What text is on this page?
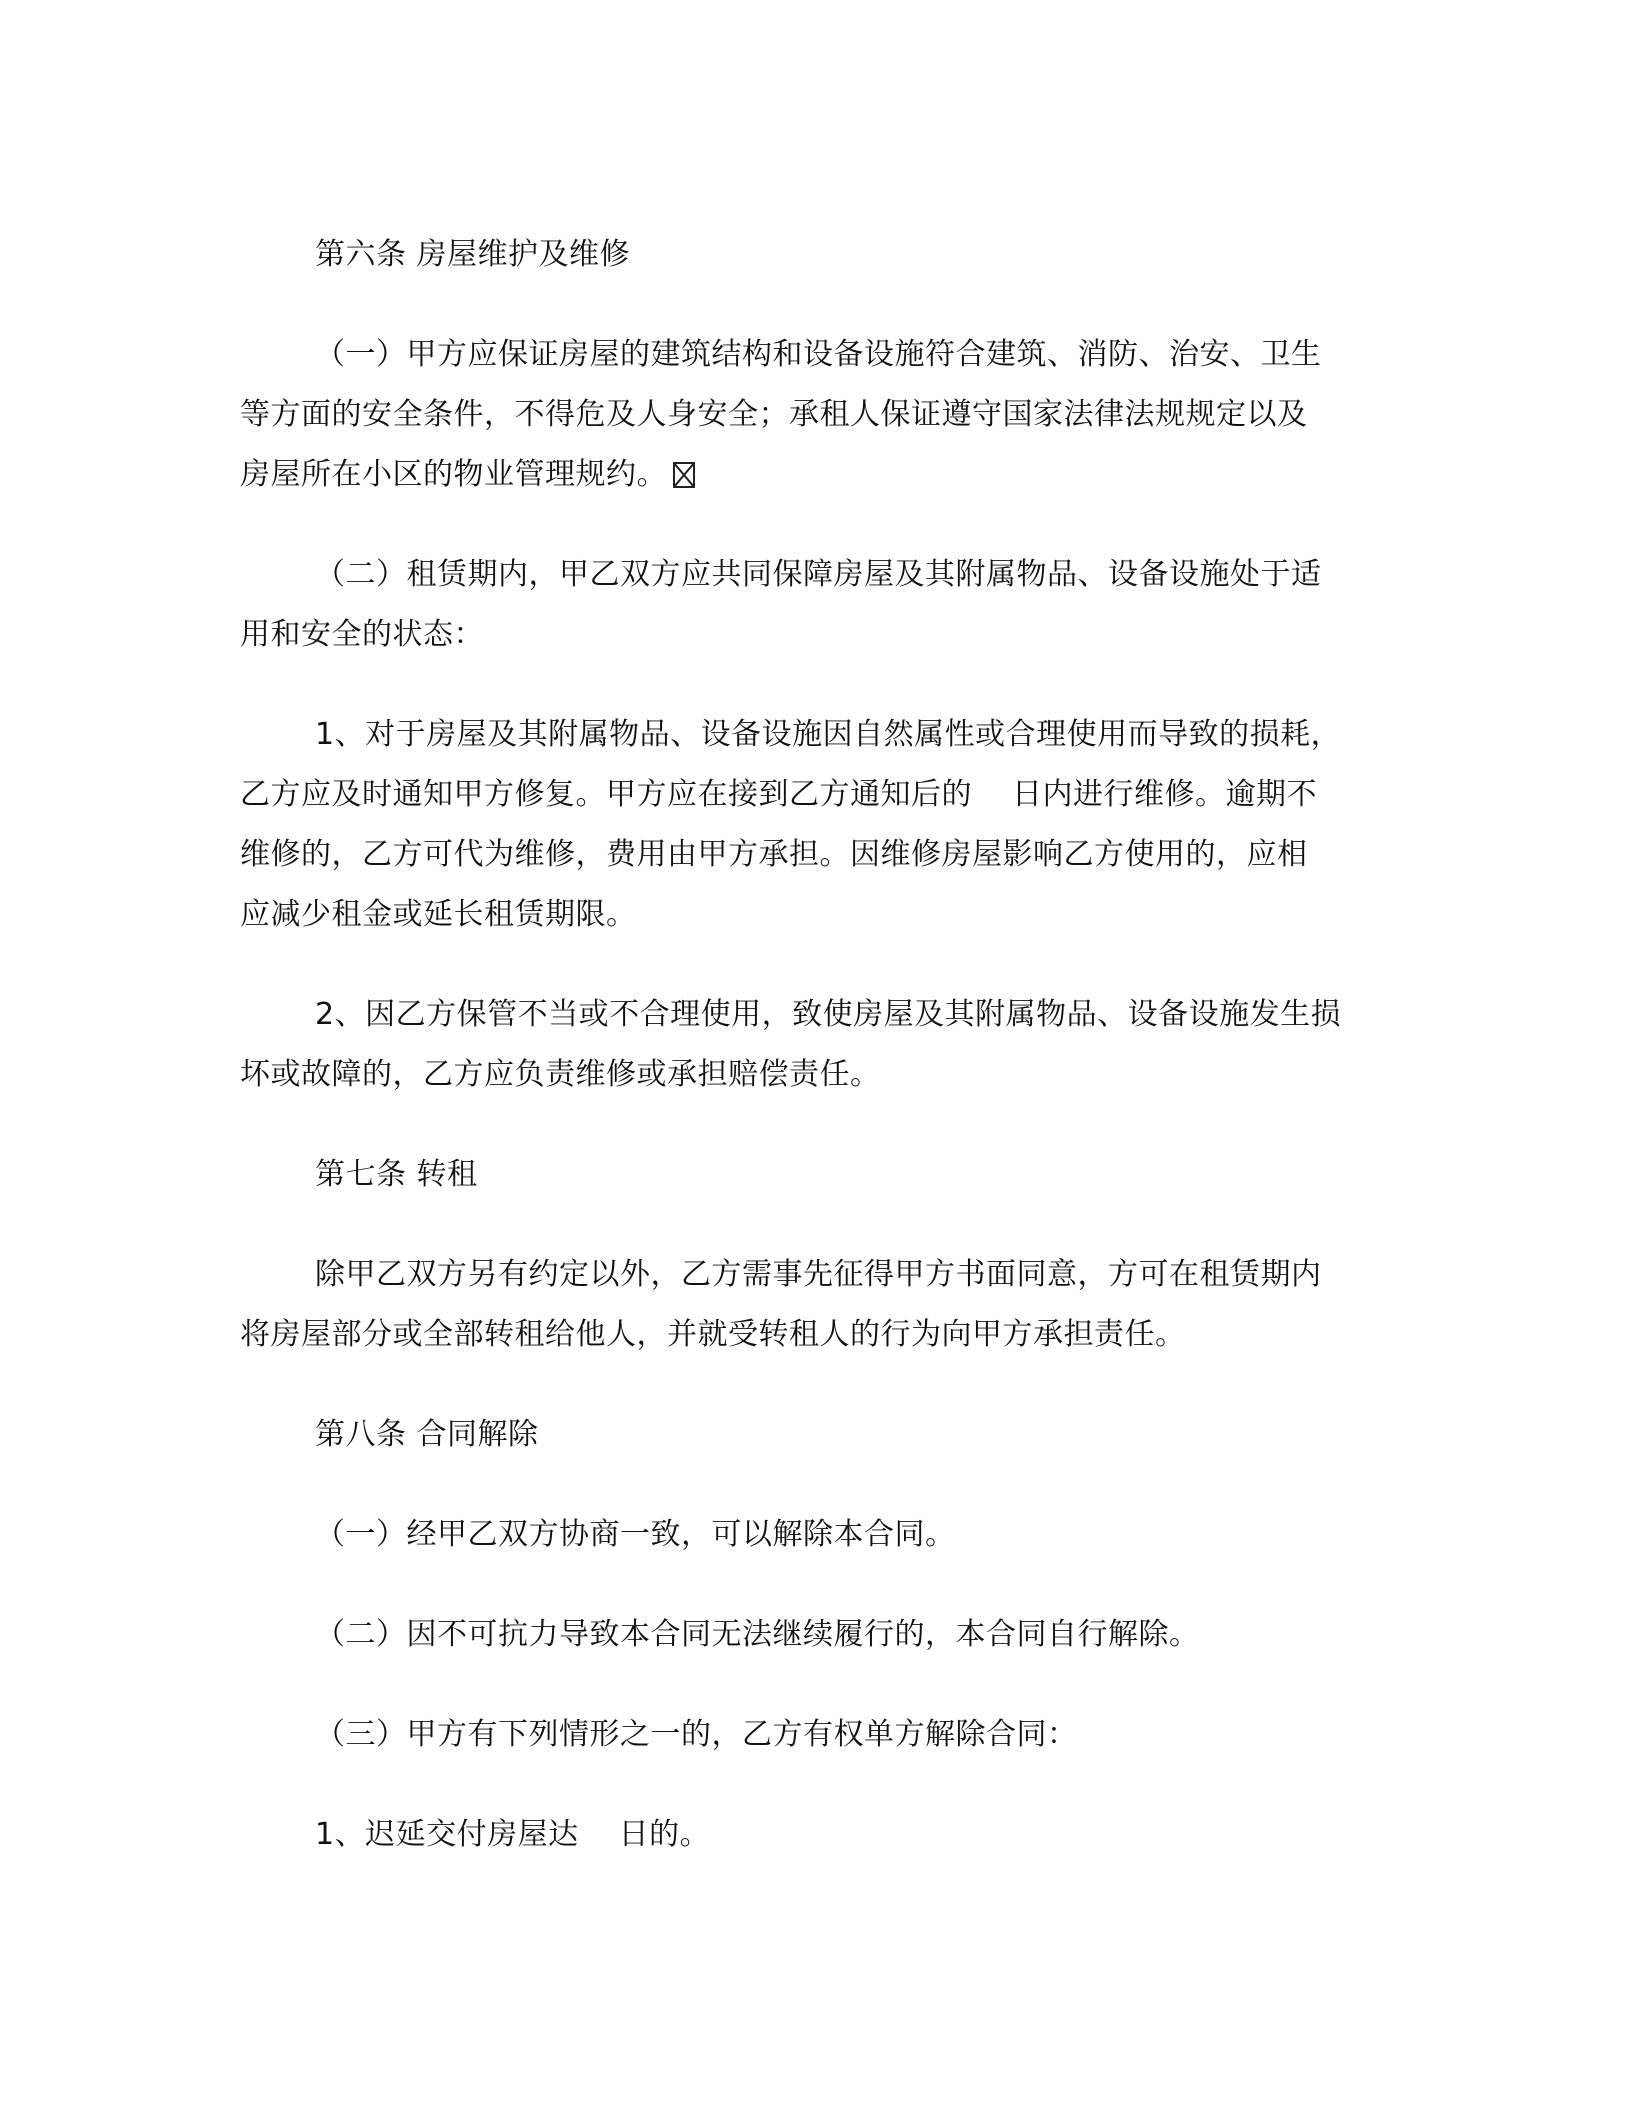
第六条 房屋维护及维修
（一）甲方应保证房屋的建筑结构和设备设施符合建筑、消防、治安、卫生
等方面的安全条件，不得危及人身安全；承租人保证遵守国家法律法规规定以及
房屋所在小区的物业管理规约。
（二）租赁期内，甲乙双方应共同保障房屋及其附属物品、设备设施处于适
用和安全的状态：
1、对于房屋及其附属物品、设备设施因自然属性或合理使用而导致的损耗，
乙方应及时通知甲方修复。甲方应在接到乙方通知后的 日内进行维修。逾期不
维修的，乙方可代为维修，费用由甲方承担。因维修房屋影响乙方使用的，应相
应减少租金或延长租赁期限。
2、因乙方保管不当或不合理使用，致使房屋及其附属物品、设备设施发生损
坏或故障的，乙方应负责维修或承担赔偿责任。
第七条 转租
除甲乙双方另有约定以外，乙方需事先征得甲方书面同意，方可在租赁期内
将房屋部分或全部转租给他人，并就受转租人的行为向甲方承担责任。
第八条 合同解除
（一）经甲乙双方协商一致，可以解除本合同。
（二）因不可抗力导致本合同无法继续履行的，本合同自行解除。
（三）甲方有下列情形之一的，乙方有权单方解除合同：
1、迟延交付房屋达 日的。
